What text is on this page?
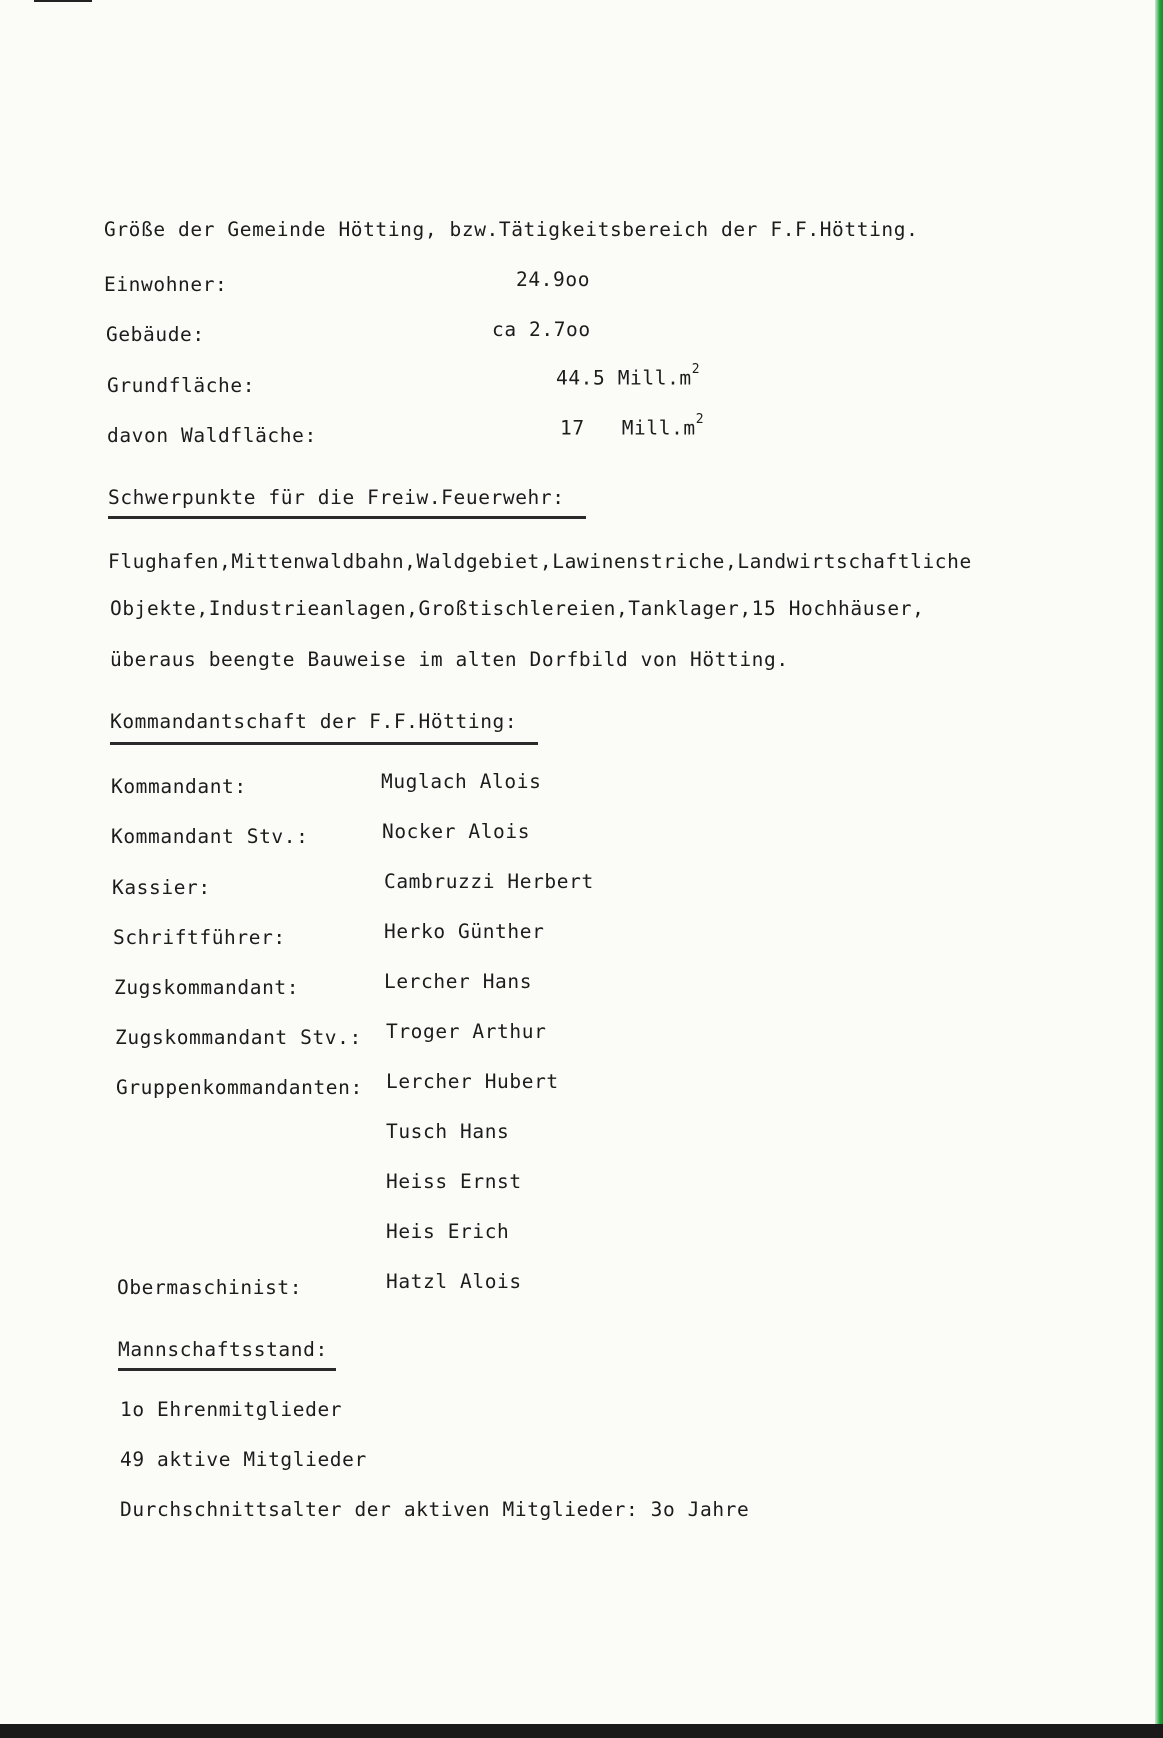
Größe der Gemeinde Hötting, bzw.Tätigkeitsbereich der F.F.Hötting.
Einwohner:	24.9oo
Gebäude:	ca 2.7oo
Grundfläche:	44.5 $Mill.m^2$
davon Waldfläche:	17 $Mill.m^2$
Schwerpunkte für die Freiw.Feuerwehr:
Flughafen,Mittenwaldbahn,Waldgebiet,Lawinenstriche,Landwirtschaftliche
Objekte,Industrieanlagen,Großtischlereien,Tanklager,15 Hochhäuser,
überaus beengte Bauweise im alten Dorfbild von Hötting.
Kommandantschaft der F.F.Hötting:
Kommandant:	Muglach Alois
Kommandant Stv.:	Nocker Alois
Kassier:	Cambruzzi Herbert
Schriftführer:	Herko Günther
Zugskommandant:	Lercher Hans
Zugskommandant Stv.: Troger Arthur
Gruppenkommandanten: Lercher Hubert
Tusch Hans
Heiss Ernst
Heis Erich
Obermaschinist:	Hatzl Alois
Mannschaftsstand:
1o Ehrenmitglieder
49 aktive Mitglieder
Durchschnittsalter der aktiven Mitglieder: 3o Jahre
